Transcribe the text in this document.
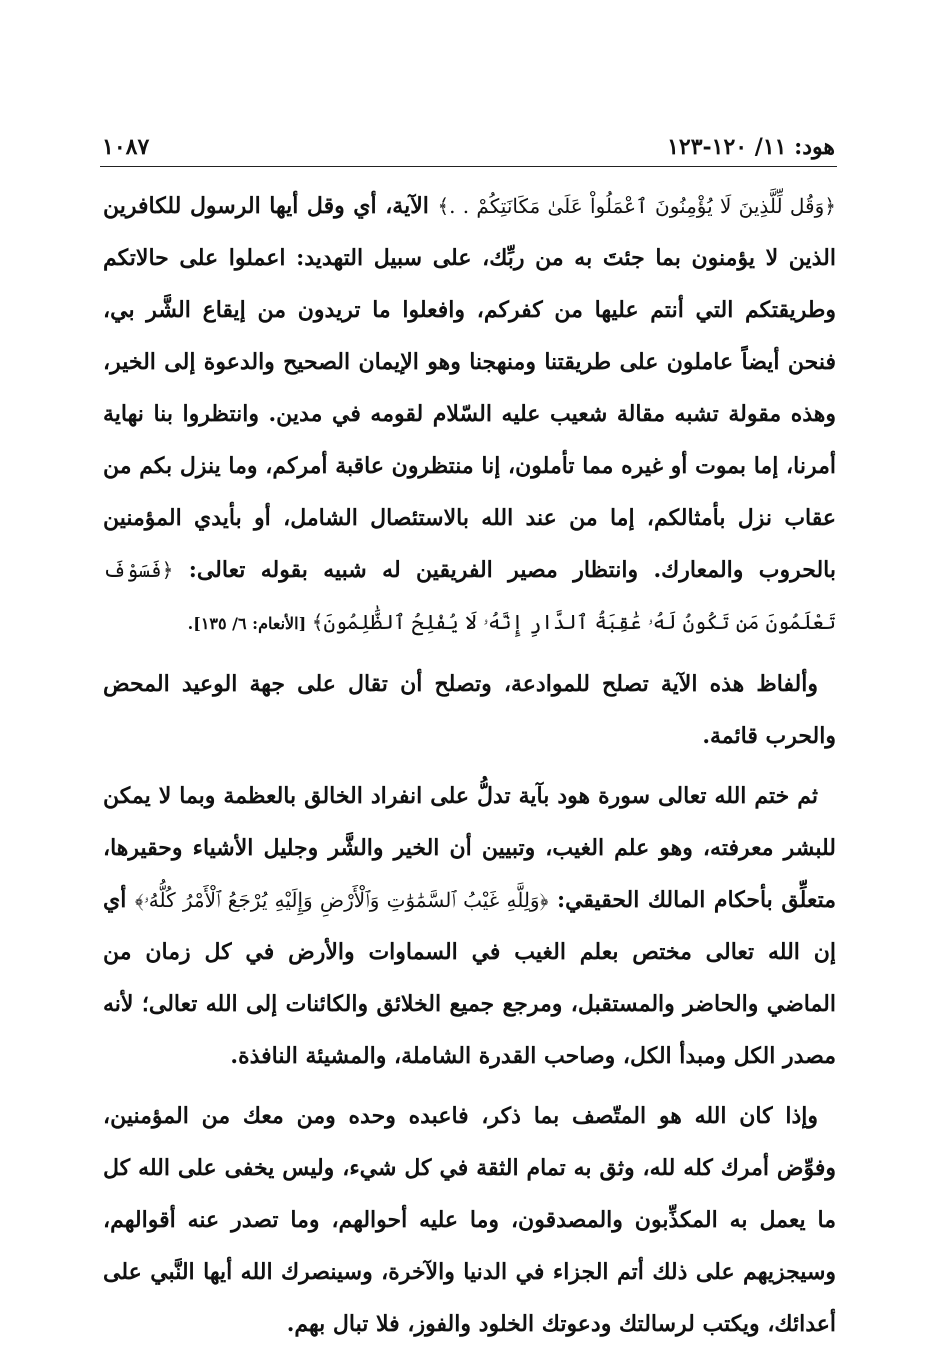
هود: ١١/ ١٢٠-١٢٣
١٠٨٧

﴿وَقُل لِّلَّذِينَ لَا يُؤْمِنُونَ ٱعْمَلُواْ عَلَىٰ مَكَانَتِكُمْ . .﴾ الآية، أي وقل أيها الرسول للكافرين الذين لا يؤمنون بما جئتَ به من ربِّك، على سبيل التهديد: اعملوا على حالاتكم وطريقتكم التي أنتم عليها من كفركم، وافعلوا ما تريدون من إيقاع الشَّر بي، فنحن أيضاً عاملون على طريقتنا ومنهجنا وهو الإيمان الصحيح والدعوة إلى الخير، وهذه مقولة تشبه مقالة شعيب عليه السّلام لقومه في مدين. وانتظروا بنا نهاية أمرنا، إما بموت أو غيره مما تأملون، إنا منتظرون عاقبة أمركم، وما ينزل بكم من عقاب نزل بأمثالكم، إما من عند الله بالاستئصال الشامل، أو بأيدي المؤمنين بالحروب والمعارك. وانتظار مصير الفريقين له شبيه بقوله تعالى: ﴿فَسَوْفَ تَعْلَمُونَ مَن تَكُونُ لَهُۥ عَٰقِبَةُ ٱلدَّارِ إِنَّهُۥ لَا يُفْلِحُ ٱلظَّٰلِمُونَ﴾ [الأنعام: ٦/ ١٣٥].

وألفاظ هذه الآية تصلح للموادعة، وتصلح أن تقال على جهة الوعيد المحض والحرب قائمة.

ثم ختم الله تعالى سورة هود بآية تدلُّ على انفراد الخالق بالعظمة وبما لا يمكن للبشر معرفته، وهو علم الغيب، وتبيين أن الخير والشَّر وجليل الأشياء وحقيرها، متعلِّق بأحكام المالك الحقيقي: ﴿وَلِلَّهِ غَيْبُ ٱلسَّمَٰوَٰتِ وَٱلْأَرْضِ وَإِلَيْهِ يُرْجَعُ ٱلْأَمْرُ كُلُّهُۥ﴾ أي إن الله تعالى مختص بعلم الغيب في السماوات والأرض في كل زمان من الماضي والحاضر والمستقبل، ومرجع جميع الخلائق والكائنات إلى الله تعالى؛ لأنه مصدر الكل ومبدأ الكل، وصاحب القدرة الشاملة، والمشيئة النافذة.

وإذا كان الله هو المتّصف بما ذكر، فاعبده وحده ومن معك من المؤمنين، وفوِّض أمرك كله لله، وثق به تمام الثقة في كل شيء، وليس يخفى على الله كل ما يعمل به المكذِّبون والمصدقون، وما عليه أحوالهم، وما تصدر عنه أقوالهم، وسيجزيهم على ذلك أتم الجزاء في الدنيا والآخرة، وسينصرك الله أيها النَّبي على أعدائك، ويكتب لرسالتك ودعوتك الخلود والفوز، فلا تبال بهم.
